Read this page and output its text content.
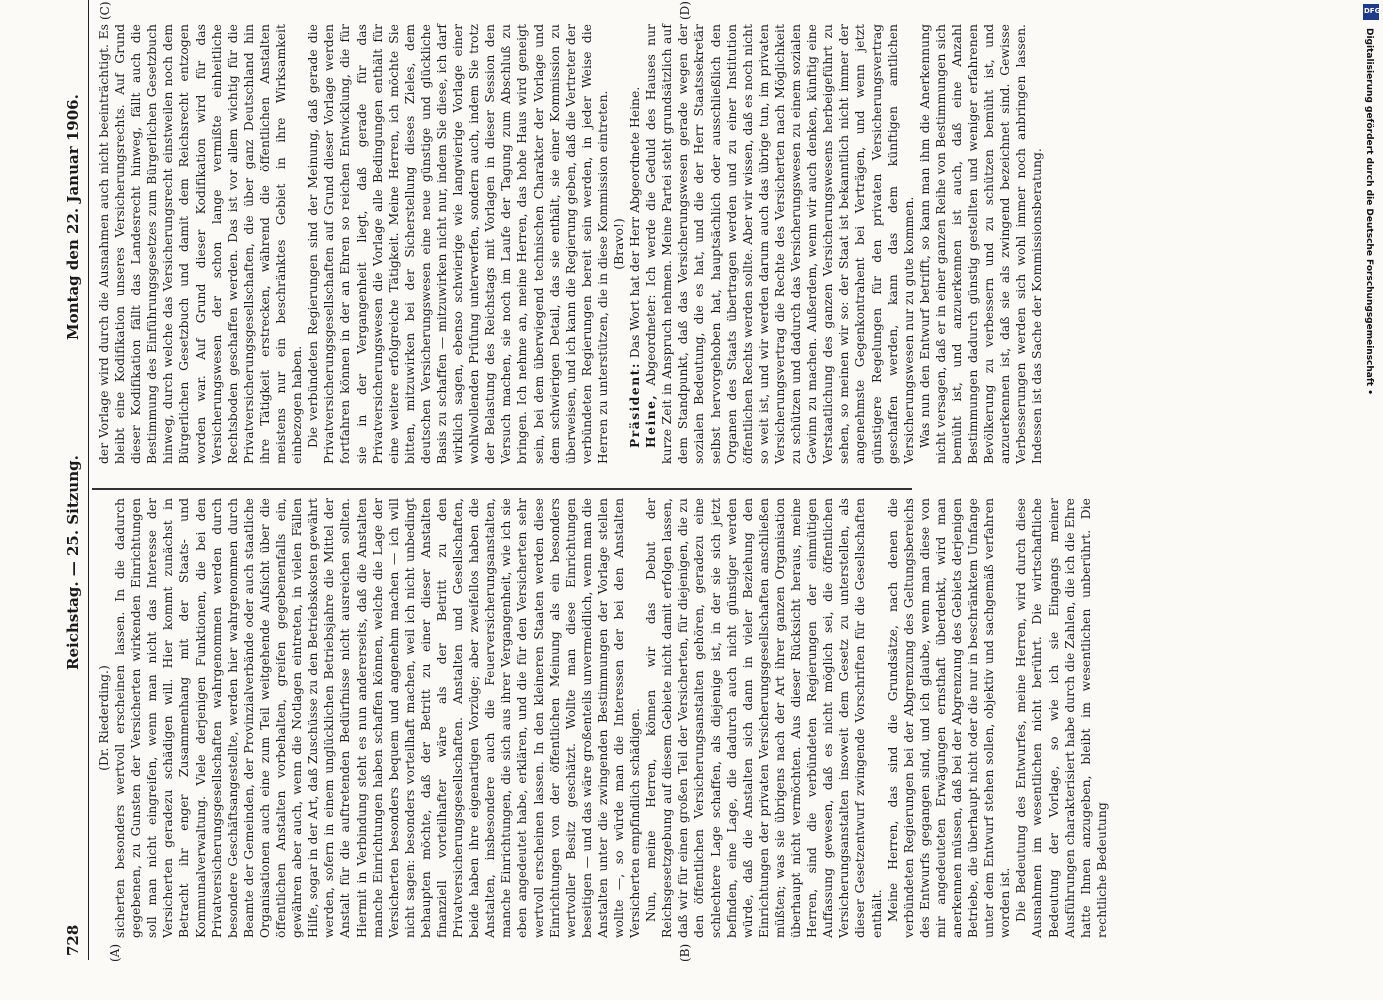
728
Reichstag. — 25. Sitzung.
Montag den 22. Januar 1906.
(A)	(B)
(C)	(D)

(Dr. Riederding.) sicherten besonders wertvoll erscheinen lassen. In die dadurch gegebenen, zu Gunsten der Versicherten wirkenden Einrichtungen soll man nicht eingreifen, wenn man nicht das Interesse der Versicherten geradezu schädigen will. Hier kommt zunächst in Betracht ihr enger Zusammenhang mit der Staats- und Kommunalverwaltung. Viele derjenigen Funktionen, die bei den Privatversicherungsgesellschaften wahrgenommen werden durch besondere Geschäftsangestellte, werden hier wahrgenommen durch Beamte der Gemeinden, der Provinzialverbände oder auch staatliche Organisationen auch eine zum Teil weitgehende Aufsicht über die öffentlichen Anstalten vorbehalten, greifen gegebenenfalls ein, gewähren aber auch, wenn die Notlagen eintreten, in vielen Fällen Hilfe, sogar in der Art, daß Zuschüsse zu den Betriebskosten gewährt werden, sofern in einem unglücklichen Betriebsjahre die Mittel der Anstalt für die auftretenden Bedürfnisse nicht ausreichen sollten. Hiermit in Verbindung steht es nun andererseits, daß die Anstalten manche Einrichtungen haben schaffen können, welche die Lage der Versicherten besonders bequem und angenehm machen — ich will nicht sagen: besonders vorteilhaft machen, weil ich nicht unbedingt behaupten möchte, daß der Betritt zu einer dieser Anstalten finanziell vorteilhafter wäre als der Betritt zu den Privatversicherungsgesellschaften. Anstalten und Gesellschaften, beide haben ihre eigenartigen Vorzüge; aber zweifellos haben die Anstalten, insbesondere auch die Feuerversicherungsanstalten, manche Einrichtungen, die sich aus ihrer Vergangenheit, wie ich sie eben angedeutet habe, erklären, und die für den Versicherten sehr wertvoll erscheinen lassen. In den kleineren Staaten werden diese Einrichtungen von der öffentlichen Meinung als ein besonders wertvoller Besitz geschätzt. Wollte man diese Einrichtungen beseitigen — und das wäre großenteils unvermeidlich, wenn man die Anstalten unter die zwingenden Bestimmungen der Vorlage stellen wollte —, so würde man die Interessen der bei den Anstalten Versicherten empfindlich schädigen. Nun, meine Herren, können wir das Debut der Reichsgesetzgebung auf diesem Gebiete nicht damit erfolgen lassen, daß wir für einen großen Teil der Versicherten, für diejenigen, die zu den öffentlichen Versicherungsanstalten gehören, geradezu eine schlechtere Lage schaffen, als diejenige ist, in der sie sich jetzt befinden, eine Lage, die dadurch auch nicht günstiger werden würde, daß die Anstalten sich dann in vieler Beziehung den Einrichtungen der privaten Versicherungsgesellschaften anschließen müßten; was sie übrigens nach der Art ihrer ganzen Organisation überhaupt nicht vermöchten. Aus dieser Rücksicht heraus, meine Herren, sind die verbündeten Regierungen der einmütigen Auffassung gewesen, daß es nicht möglich sei, die öffentlichen Versicherungsanstalten insoweit dem Gesetz zu unterstellen, als dieser Gesetzentwurf zwingende Vorschriften für die Gesellschaften enthält. Meine Herren, das sind die Grundsätze, nach denen die verbündeten Regierungen bei der Abgrenzung des Geltungsbereichs des Entwurfs gegangen sind, und ich glaube, wenn man diese von mir angedeuteten Erwägungen ernsthaft überdenkt, wird man anerkennen müssen, daß bei der Abgrenzung des Gebiets derjenigen Betriebe, die überhaupt nicht oder die nur in beschränktem Umfange unter dem Entwurf stehen sollen, objektiv und sachgemäß verfahren worden ist. Die Bedeutung des Entwurfes, meine Herren, wird durch diese Ausnahmen im wesentlichen nicht berührt. Die wirtschaftliche Bedeutung der Vorlage, so wie ich sie Eingangs meiner Ausführungen charakterisiert habe durch die Zahlen, die ich die Ehre hatte Ihnen anzugeben, bleibt im wesentlichen unberührt. Die rechtliche Bedeutung

der Vorlage wird durch die Ausnahmen auch nicht beeinträchtigt. Es bleibt eine Kodifikation unseres Versicherungsrechts. Auf Grund dieser Kodifikation fällt das Landesrecht hinweg, fällt auch die Bestimmung des Einführungsgesetzes zum Bürgerlichen Gesetzbuch hinweg, durch welche das Versicherungsrecht einstweilen noch dem Bürgerlichen Gesetzbuch und damit dem Reichsrecht entzogen worden war. Auf Grund dieser Kodifikation wird für das Versicherungswesen der schon lange vermißte einheitliche Rechtsboden geschaffen werden. Das ist vor allem wichtig für die Privatversicherungsgesellschaften, die über ganz Deutschland hin ihre Tätigkeit erstrecken, während die öffentlichen Anstalten meistens nur ein beschränktes Gebiet in ihre Wirksamkeit einbezogen haben. Die verbündeten Regierungen sind der Meinung, daß gerade die Privatversicherungsgesellschaften auf Grund dieser Vorlage werden fortfahren können in der an Ehren so reichen Entwicklung, die für sie in der Vergangenheit liegt, daß gerade für das Privatversicherungswesen die Vorlage alle Bedingungen enthält für eine weitere erfolgreiche Tätigkeit. Meine Herren, ich möchte Sie bitten, mitzuwirken bei der Sicherstellung dieses Zieles, dem deutschen Versicherungswesen eine neue günstige und glückliche Basis zu schaffen — mitzuwirken nicht nur, indem Sie diese, ich darf wirklich sagen, ebenso schwierige wie langwierige Vorlage einer wohlwollenden Prüfung unterwerfen, sondern auch, indem Sie trotz der Belastung des Reichstags mit Vorlagen in dieser Session den Versuch machen, sie noch im Laufe der Tagung zum Abschluß zu bringen. Ich nehme an, meine Herren, das hohe Haus wird geneigt sein, bei dem überwiegend technischen Charakter der Vorlage und dem schwierigen Detail, das sie enthält, sie einer Kommission zu überweisen, und ich kann die Regierung geben, daß die Vertreter der verbündeten Regierungen bereit sein werden, in jeder Weise die Herren zu unterstützen, die in diese Kommission eintreten. (Bravo!)

Präsident: Das Wort hat der Herr Abgeordnete Heine.

Heine, Abgeordneter: Ich werde die Geduld des Hauses nur kurze Zeit in Anspruch nehmen. Meine Partei steht grundsätzlich auf dem Standpunkt, daß das Versicherungswesen gerade wegen der sozialen Bedeutung, die es hat, und die der Herr Staatssekretär selbst hervorgehoben hat, hauptsächlich oder ausschließlich den Organen des Staats übertragen werden und zu einer Institution öffentlichen Rechts werden sollte. Aber wir wissen, daß es noch nicht so weit ist, und wir werden darum auch das übrige tun, im privaten Versicherungsvertrag die Rechte des Versicherten nach Möglichkeit zu schützen und dadurch das Versicherungswesen zu einem sozialen Gewinn zu machen. Außerdem, wenn wir auch denken, künftig eine Verstaatlichung des ganzen Versicherungswesens herbeigeführt zu sehen, so meinen wir so: der Staat ist bekanntlich nicht immer der angenehmste Gegenkontrahent bei Verträgen, und wenn jetzt günstigere Regelungen für den privaten Versicherungsvertrag geschaffen werden, kann das dem künftigen amtlichen Versicherungswesen nur zu gute kommen. Was nun den Entwurf betrifft, so kann man ihm die Anerkennung nicht versagen, daß er in einer ganzen Reihe von Bestimmungen sich bemüht ist, und anzuerkennen ist auch, daß eine Anzahl Bestimmungen dadurch günstig gestellten und weniger erfahrenen Bevölkerung zu verbessern und zu schützen bemüht ist, und anzuerkennen ist, daß sie als zwingend bezeichnet sind. Gewisse Verbesserungen werden sich wohl immer noch anbringen lassen. Indessen ist das Sache der Kommissionsberatung.

DFG
Digitalisierung gefördert durch die Deutsche Forschungsgemeinschaft •
